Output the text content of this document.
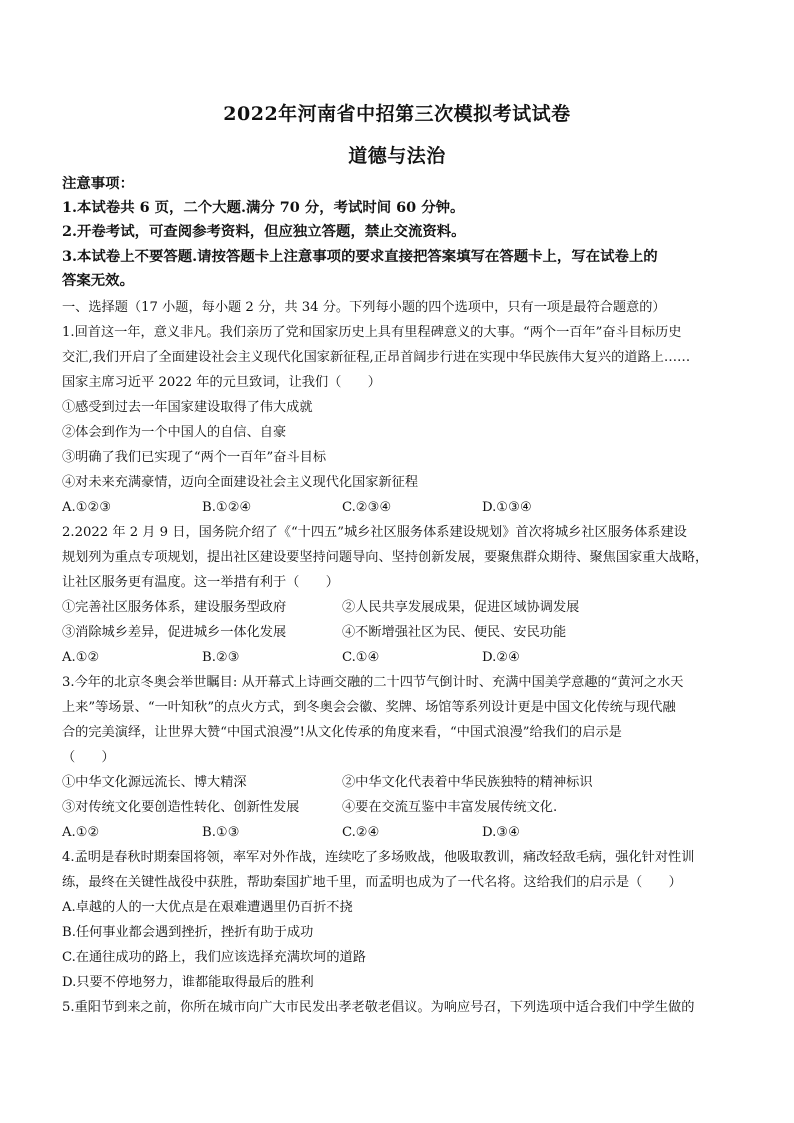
2022年河南省中招第三次模拟考试试卷
道德与法治
注意事项：
1.本试卷共 6 页，二个大题.满分 70 分，考试时间 60 分钟。
2.开卷考试，可查阅参考资料，但应独立答题，禁止交流资料。
3.本试卷上不要答题.请按答题卡上注意事项的要求直接把答案填写在答题卡上，写在试卷上的
答案无效。
一、选择题（17 小题，每小题 2 分，共 34 分。下列每小题的四个选项中，只有一项是最符合题意的）
1.回首这一年，意义非凡。我们亲历了党和国家历史上具有里程碑意义的大事。“两个一百年”奋斗目标历史
交汇,我们开启了全面建设社会主义现代化国家新征程,正昂首阔步行进在实现中华民族伟大复兴的道路上……
国家主席习近平 2022 年的元旦致词，让我们（　　）
①感受到过去一年国家建设取得了伟大成就
②体会到作为一个中国人的自信、自豪
③明确了我们已实现了“两个一百年”奋斗目标
④对未来充满豪情，迈向全面建设社会主义现代化国家新征程
A.①②③	B.①②④	C.②③④	D.①③④
2.2022 年 2 月 9 日，国务院介绍了《“十四五”城乡社区服务体系建设规划》首次将城乡社区服务体系建设
规划列为重点专项规划，提出社区建设要坚持问题导向、坚持创新发展，要聚焦群众期待、聚焦国家重大战略，
让社区服务更有温度。这一举措有利于（　　）
①完善社区服务体系，建设服务型政府	②人民共享发展成果，促进区域协调发展
③消除城乡差异，促进城乡一体化发展	④不断增强社区为民、便民、安民功能
A.①②	B.②③	C.①④	D.②④
3.今年的北京冬奥会举世瞩目: 从开幕式上诗画交融的二十四节气倒计时、充满中国美学意趣的“黄河之水天
上来”等场景、“一叶知秋”的点火方式，到冬奥会会徽、奖牌、场馆等系列设计更是中国文化传统与现代融
合的完美演绎，让世界大赞“中国式浪漫”!从文化传承的角度来看，“中国式浪漫”给我们的启示是
（　　）
①中华文化源远流长、博大精深	②中华文化代表着中华民族独特的精神标识
③对传统文化要创造性转化、创新性发展	④要在交流互鉴中丰富发展传统文化.
A.①②	B.①③	C.②④	D.③④
4.孟明是春秋时期秦国将领，率军对外作战，连续吃了多场败战，他吸取教训，痛改轻敌毛病，强化针对性训
练，最终在关键性战役中获胜，帮助秦国扩地千里，而孟明也成为了一代名将。这给我们的启示是（　　）
A.卓越的人的一大优点是在艰难遭遇里仍百折不挠
B.任何事业都会遇到挫折，挫折有助于成功
C.在通往成功的路上，我们应该选择充满坎坷的道路
D.只要不停地努力，谁都能取得最后的胜利
5.重阳节到来之前，你所在城市向广大市民发出孝老敬老倡议。为响应号召，下列选项中适合我们中学生做的
